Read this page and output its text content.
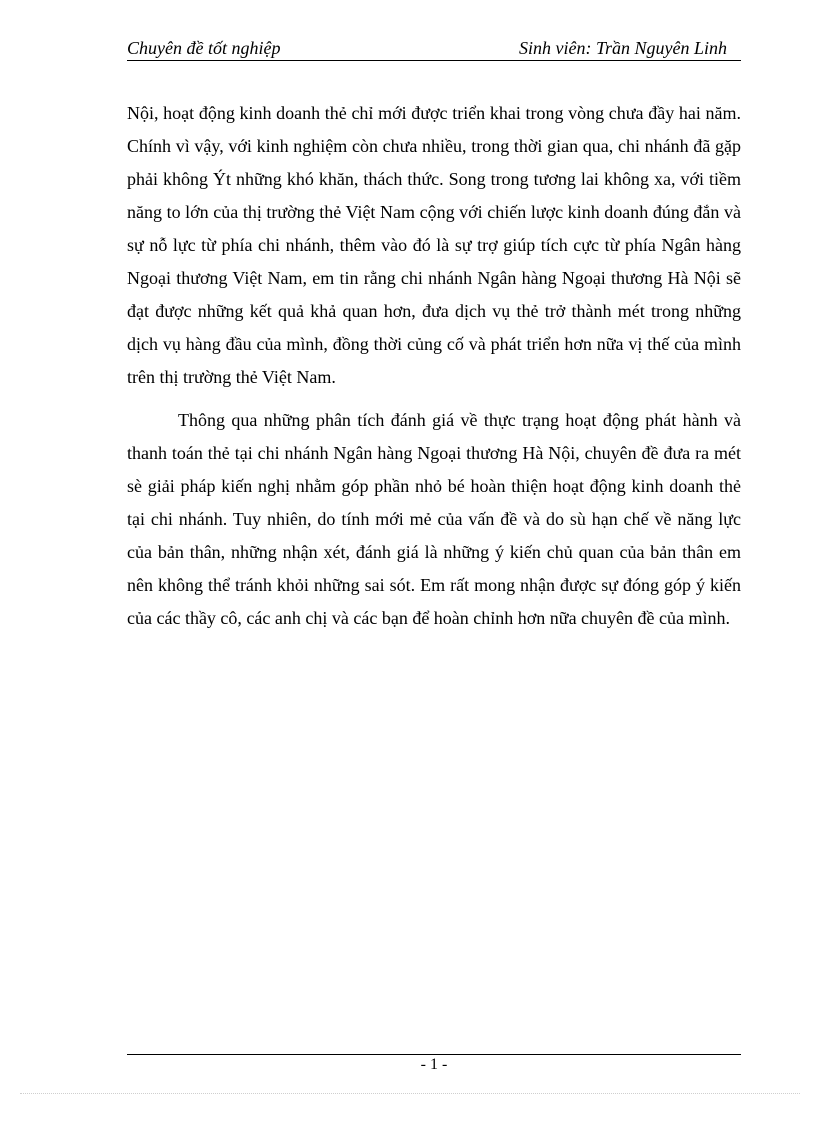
Chuyên đề tốt nghiệp	Sinh viên: Trần Nguyên Linh

Nội, hoạt động kinh doanh thẻ chỉ mới được triển khai trong vòng chưa đầy hai năm. Chính vì vậy, với kinh nghiệm còn chưa nhiều, trong thời gian qua, chi nhánh đã gặp phải không Ýt những khó khăn, thách thức. Song trong tương lai không xa, với tiềm năng to lớn của thị trường thẻ Việt Nam cộng với chiến lược kinh doanh đúng đắn và sự nỗ lực từ phía chi nhánh, thêm vào đó là sự trợ giúp tích cực từ phía Ngân hàng Ngoại thương Việt Nam, em tin rằng chi nhánh Ngân hàng Ngoại thương Hà Nội sẽ đạt được những kết quả khả quan hơn, đưa dịch vụ thẻ trở thành mét trong những dịch vụ hàng đầu của mình, đồng thời củng cố và phát triển hơn nữa vị thế của mình trên thị trường thẻ Việt Nam.

Thông qua những phân tích đánh giá về thực trạng hoạt động phát hành và thanh toán thẻ tại chi nhánh Ngân hàng Ngoại thương Hà Nội, chuyên đề đưa ra mét sè giải pháp kiến nghị nhằm góp phần nhỏ bé hoàn thiện hoạt động kinh doanh thẻ tại chi nhánh. Tuy nhiên, do tính mới mẻ của vấn đề và do sù hạn chế về năng lực của bản thân, những nhận xét, đánh giá là những ý kiến chủ quan của bản thân em nên không thể tránh khỏi những sai sót. Em rất mong nhận được sự đóng góp ý kiến của các thầy cô, các anh chị và các bạn để hoàn chỉnh hơn nữa chuyên đề của mình.

- 1 -
